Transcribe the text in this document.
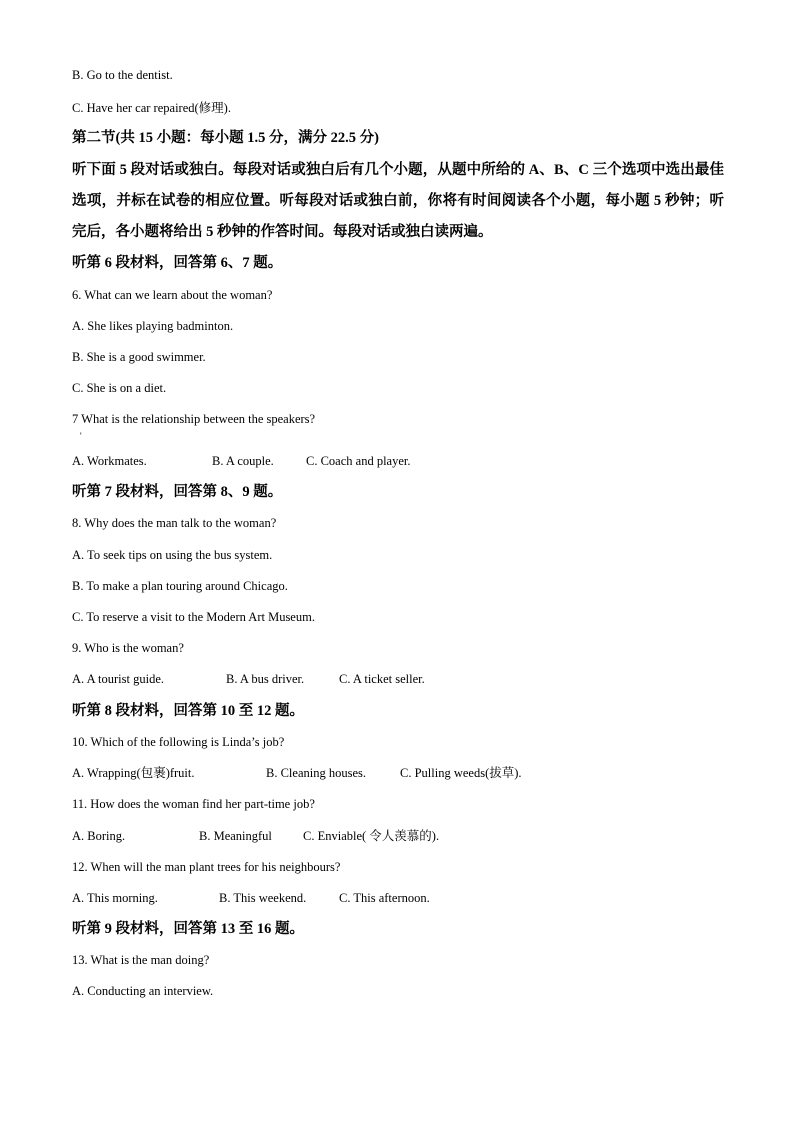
B. Go to the dentist.
C. Have her car repaired(修理).
第二节(共 15 小题：每小题 1.5 分，满分 22.5 分)
听下面 5 段对话或独白。每段对话或独白后有几个小题，从题中所给的 A、B、C 三个选项中选出最佳选项，并标在试卷的相应位置。听每段对话或独白前，你将有时间阅读各个小题，每小题 5 秒钟；听完后，各小题将给出 5 秒钟的作答时间。每段对话或独白读两遍。
听第 6 段材料，回答第 6、7 题。
6. What can we learn about the woman?
A. She likes playing badminton.
B. She is a good swimmer.
C. She is on a diet.
7 What is the relationship between the speakers?
'
A. Workmates.	B. A couple.	C. Coach and player.
听第 7 段材料，回答第 8、9 题。
8. Why does the man talk to the woman?
A. To seek tips on using the bus system.
B. To make a plan touring around Chicago.
C. To reserve a visit to the Modern Art Museum.
9. Who is the woman?
A. A tourist guide.	B. A bus driver.	C. A ticket seller.
听第 8 段材料，回答第 10 至 12 题。
10. Which of the following is Linda’s job?
A. Wrapping(包裹)fruit.	B. Cleaning houses.	C. Pulling weeds(拔草).
11. How does the woman find her part-time job?
A. Boring.	B. Meaningful C. Enviable( 令人羡慕的).
12. When will the man plant trees for his neighbours?
A. This morning.	B. This weekend.	C. This afternoon.
听第 9 段材料，回答第 13 至 16 题。
13. What is the man doing?
A. Conducting an interview.
